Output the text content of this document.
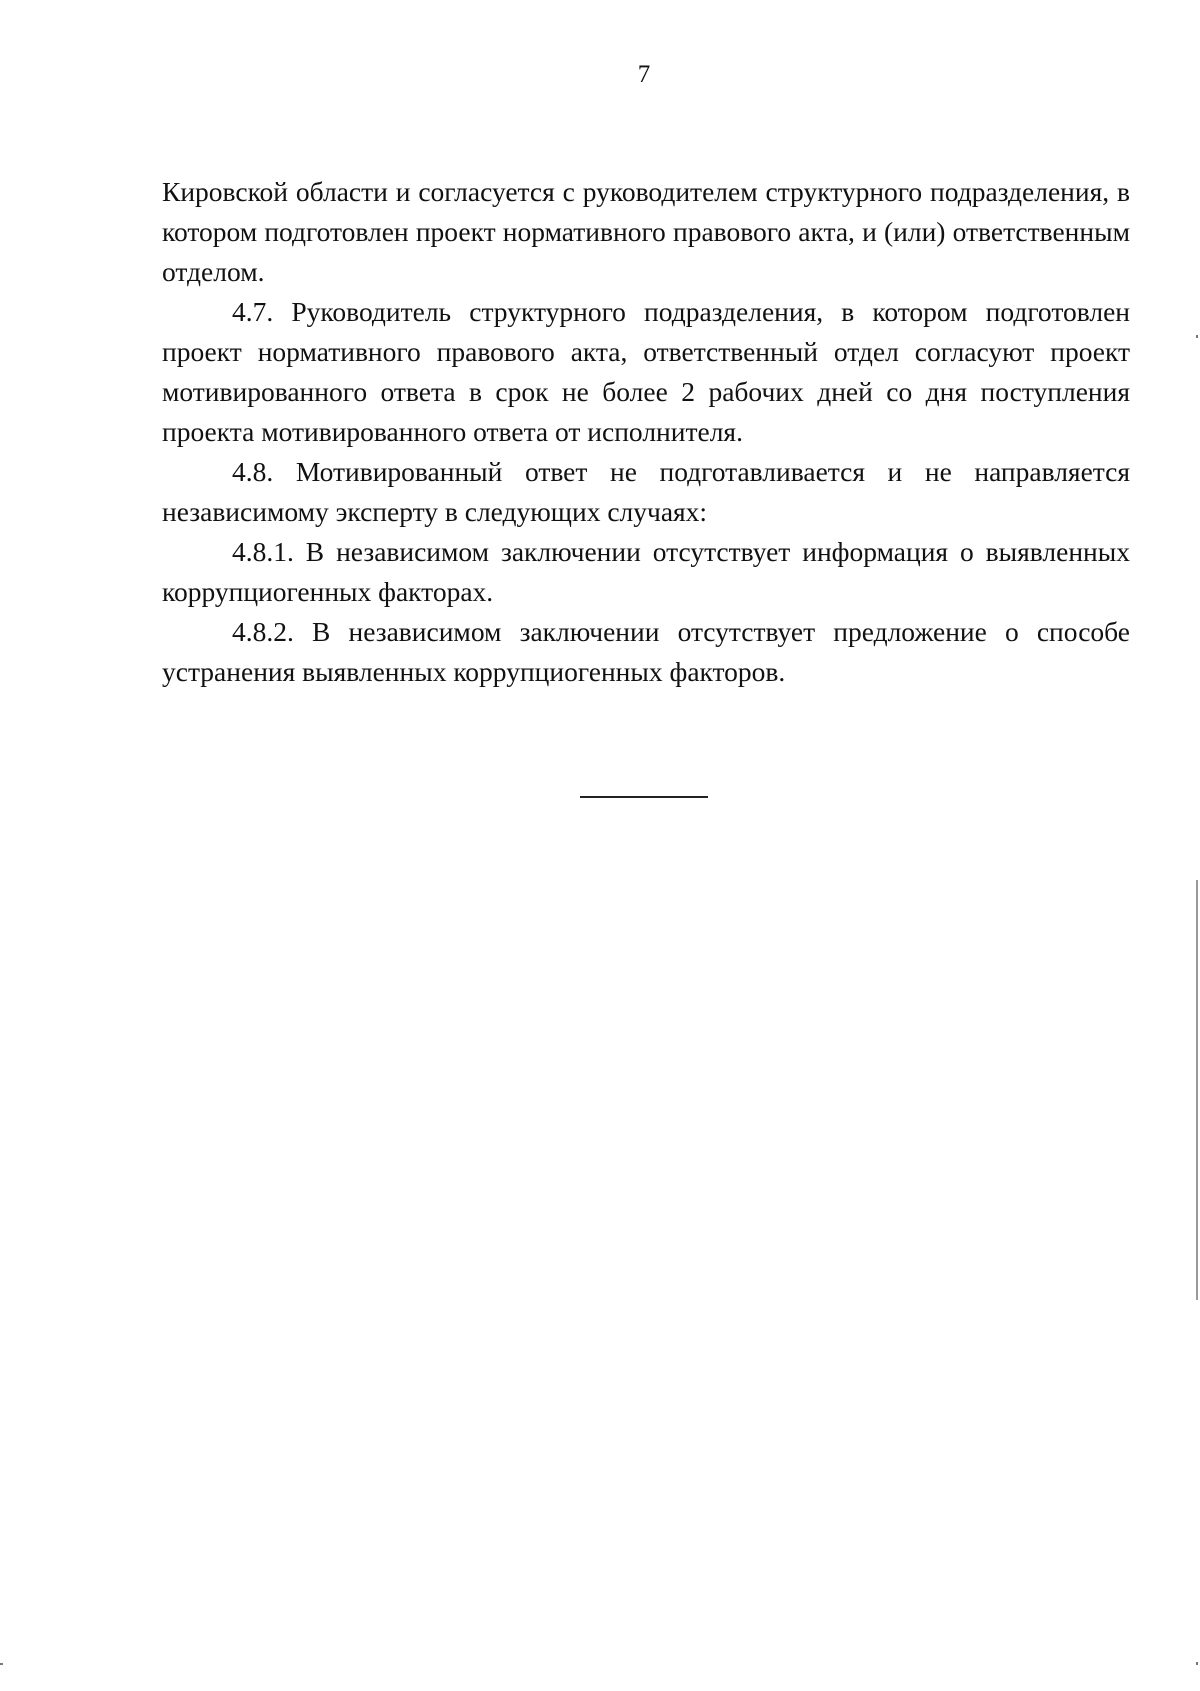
7

Кировской области и согласуется с руководителем структурного подразделения, в котором подготовлен проект нормативного правового акта, и (или) ответственным отделом.

4.7. Руководитель структурного подразделения, в котором подготовлен проект нормативного правового акта, ответственный отдел согласуют проект мотивированного ответа в срок не более 2 рабочих дней со дня поступления проекта мотивированного ответа от исполнителя.

4.8. Мотивированный ответ не подготавливается и не направляется независимому эксперту в следующих случаях:

4.8.1. В независимом заключении отсутствует информация о выявленных коррупциогенных факторах.

4.8.2. В независимом заключении отсутствует предложение о способе устранения выявленных коррупциогенных факторов.
